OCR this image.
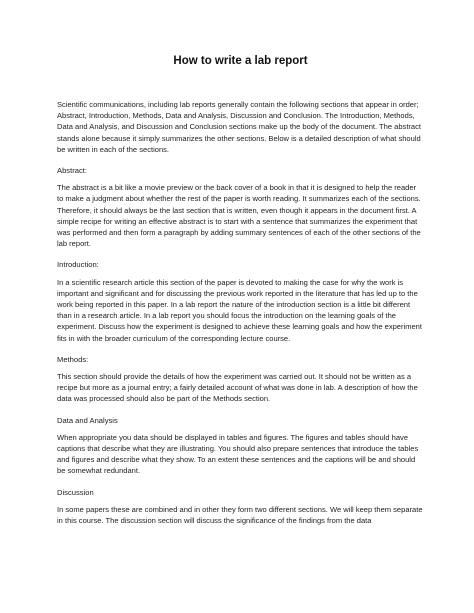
How to write a lab report

Scientific communications, including lab reports generally contain the following sections that appear in order; Abstract, Introduction, Methods, Data and Analysis, Discussion and Conclusion. The Introduction, Methods, Data and Analysis, and Discussion and Conclusion sections make up the body of the document. The abstract stands alone because it simply summarizes the other sections. Below is a detailed description of what should be written in each of the sections.

Abstract:

The abstract is a bit like a movie preview or the back cover of a book in that it is designed to help the reader to make a judgment about whether the rest of the paper is worth reading. It summarizes each of the sections. Therefore, it should always be the last section that is written, even though it appears in the document first. A simple recipe for writing an effective abstract is to start with a sentence that summarizes the experiment that was performed and then form a paragraph by adding summary sentences of each of the other sections of the lab report.

Introduction:

In a scientific research article this section of the paper is devoted to making the case for why the work is important and significant and for discussing the previous work reported in the literature that has led up to the work being reported in this paper. In a lab report the nature of the introduction section is a little bit different than in a research article. In a lab report you should focus the introduction on the learning goals of the experiment. Discuss how the experiment is designed to achieve these learning goals and how the experiment fits in with the broader curriculum of the corresponding lecture course.

Methods:

This section should provide the details of how the experiment was carried out. It should not be written as a recipe but more as a journal entry; a fairly detailed account of what was done in lab. A description of how the data was processed should also be part of the Methods section.

Data and Analysis

When appropriate you data should be displayed in tables and figures. The figures and tables should have captions that describe what they are illustrating. You should also prepare sentences that introduce the tables and figures and describe what they show. To an extent these sentences and the captions will be and should be somewhat redundant.

Discussion

In some papers these are combined and in other they form two different sections. We will keep them separate in this course. The discussion section will discuss the significance of the findings from the data
